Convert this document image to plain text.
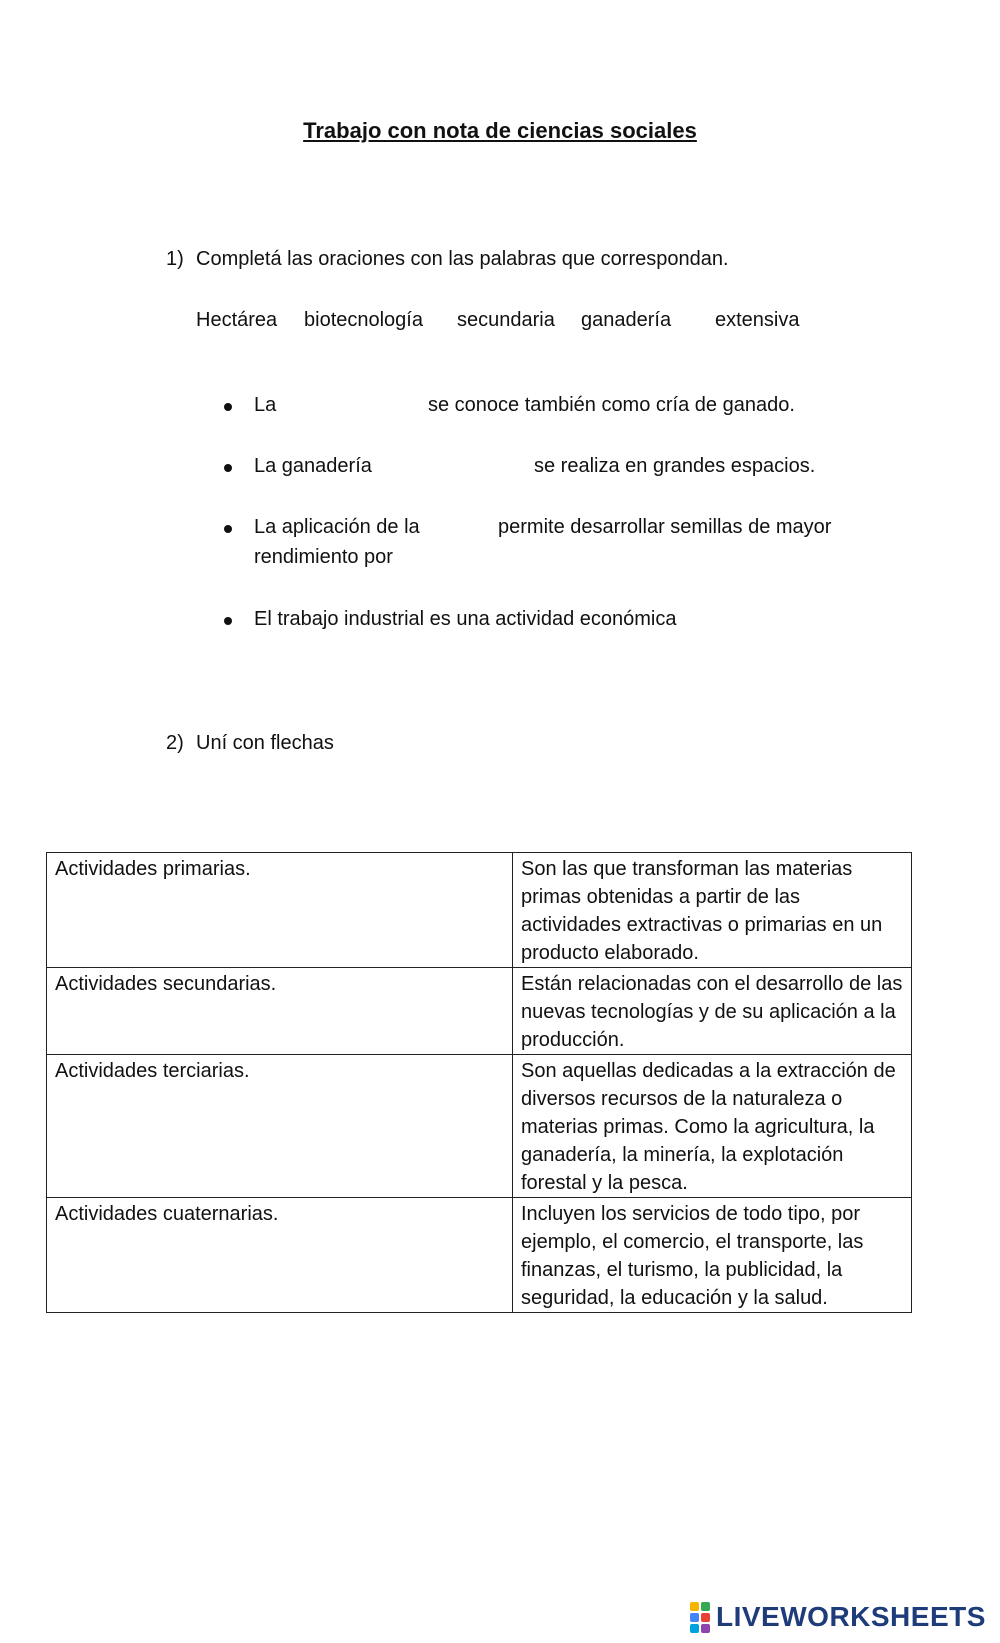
Trabajo con nota de ciencias sociales
1) Completá las oraciones con las palabras que correspondan.
Hectárea biotecnología secundaria ganadería extensiva
La	se conoce también como cría de ganado.
La ganadería	se realiza en grandes espacios.
La aplicación de la	permite desarrollar semillas de mayor
rendimiento por
El trabajo industrial es una actividad económica
2) Uní con flechas
Actividades primarias.	Son las que transforman las materias primas obtenidas a partir de las actividades extractivas o primarias en un producto elaborado.
Actividades secundarias.	Están relacionadas con el desarrollo de las nuevas tecnologías y de su aplicación a la producción.
Actividades terciarias.	Son aquellas dedicadas a la extracción de diversos recursos de la naturaleza o materias primas. Como la agricultura, la ganadería, la minería, la explotación forestal y la pesca.
Actividades cuaternarias.	Incluyen los servicios de todo tipo, por ejemplo, el comercio, el transporte, las finanzas, el turismo, la publicidad, la seguridad, la educación y la salud.
LIVEWORKSHEETS
